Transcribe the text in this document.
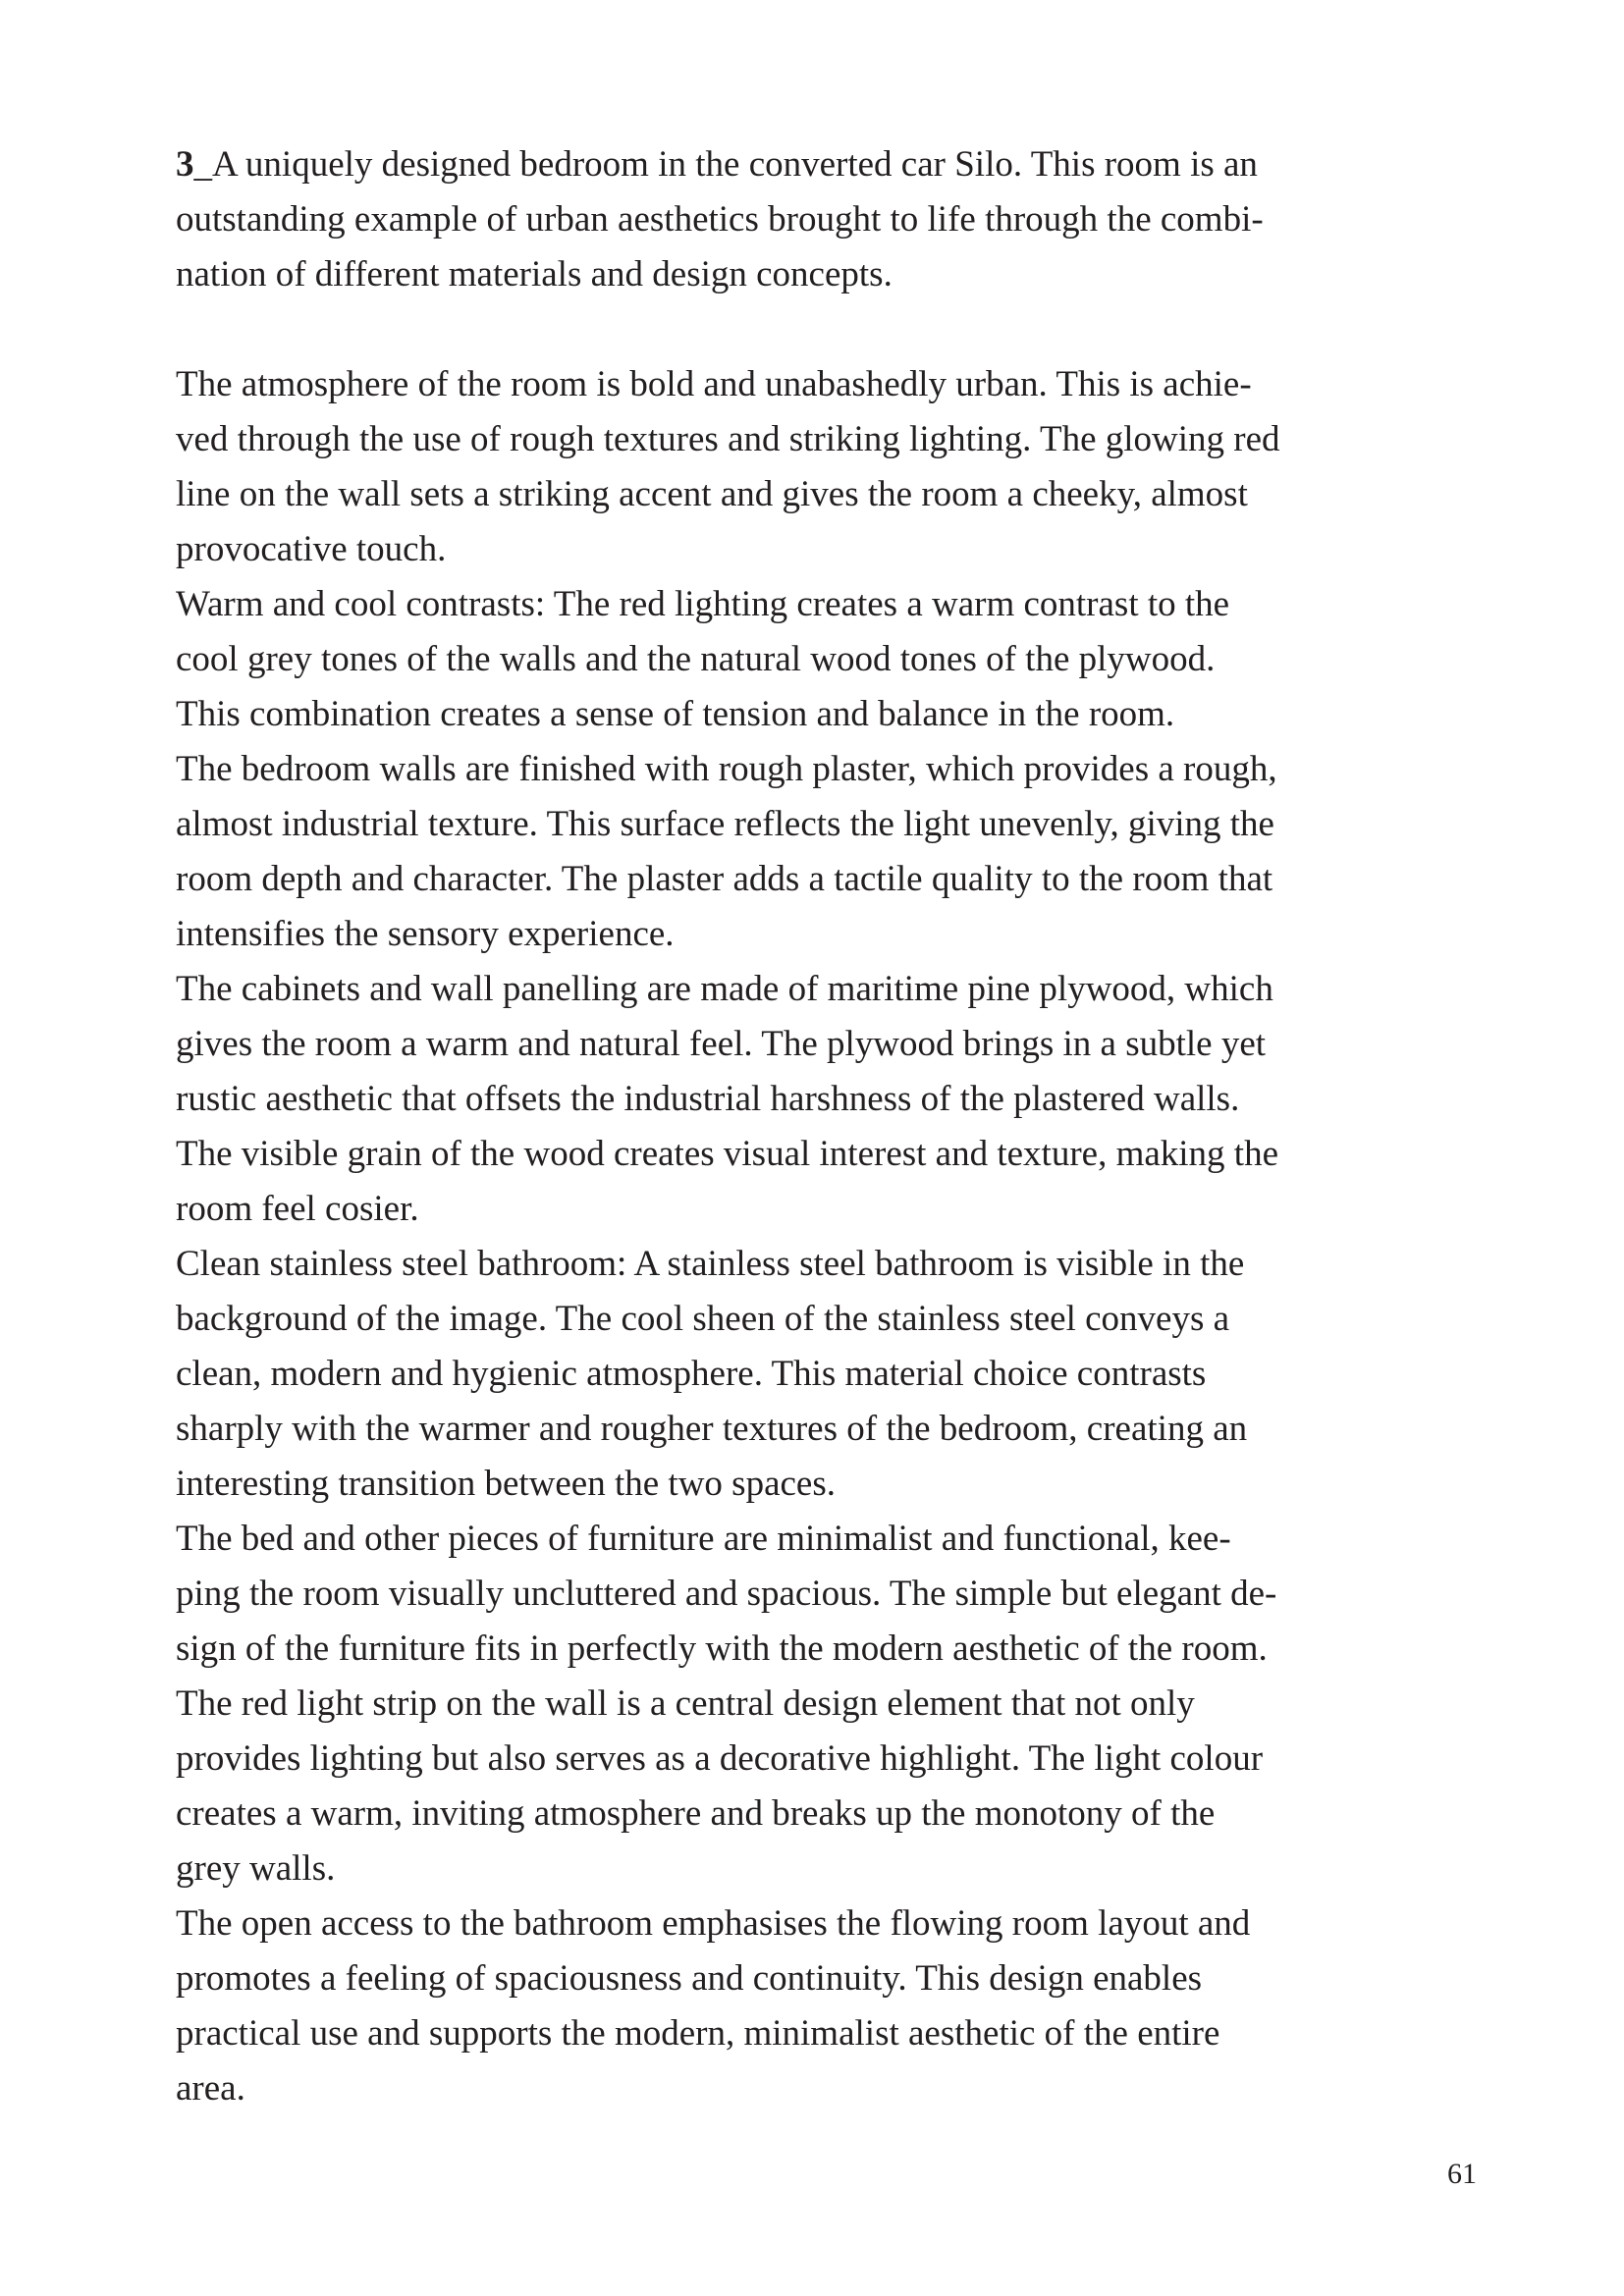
3_A uniquely designed bedroom in the converted car Silo. This room is an
outstanding example of urban aesthetics brought to life through the combi-
nation of different materials and design concepts.
The atmosphere of the room is bold and unabashedly urban. This is achie-
ved through the use of rough textures and striking lighting. The glowing red
line on the wall sets a striking accent and gives the room a cheeky, almost
provocative touch.
Warm and cool contrasts: The red lighting creates a warm contrast to the
cool grey tones of the walls and the natural wood tones of the plywood.
This combination creates a sense of tension and balance in the room.
The bedroom walls are finished with rough plaster, which provides a rough,
almost industrial texture. This surface reflects the light unevenly, giving the
room depth and character. The plaster adds a tactile quality to the room that
intensifies the sensory experience.
The cabinets and wall panelling are made of maritime pine plywood, which
gives the room a warm and natural feel. The plywood brings in a subtle yet
rustic aesthetic that offsets the industrial harshness of the plastered walls.
The visible grain of the wood creates visual interest and texture, making the
room feel cosier.
Clean stainless steel bathroom: A stainless steel bathroom is visible in the
background of the image. The cool sheen of the stainless steel conveys a
clean, modern and hygienic atmosphere. This material choice contrasts
sharply with the warmer and rougher textures of the bedroom, creating an
interesting transition between the two spaces.
The bed and other pieces of furniture are minimalist and functional, kee-
ping the room visually uncluttered and spacious. The simple but elegant de-
sign of the furniture fits in perfectly with the modern aesthetic of the room.
The red light strip on the wall is a central design element that not only
provides lighting but also serves as a decorative highlight. The light colour
creates a warm, inviting atmosphere and breaks up the monotony of the
grey walls.
The open access to the bathroom emphasises the flowing room layout and
promotes a feeling of spaciousness and continuity. This design enables
practical use and supports the modern, minimalist aesthetic of the entire
area.
61
